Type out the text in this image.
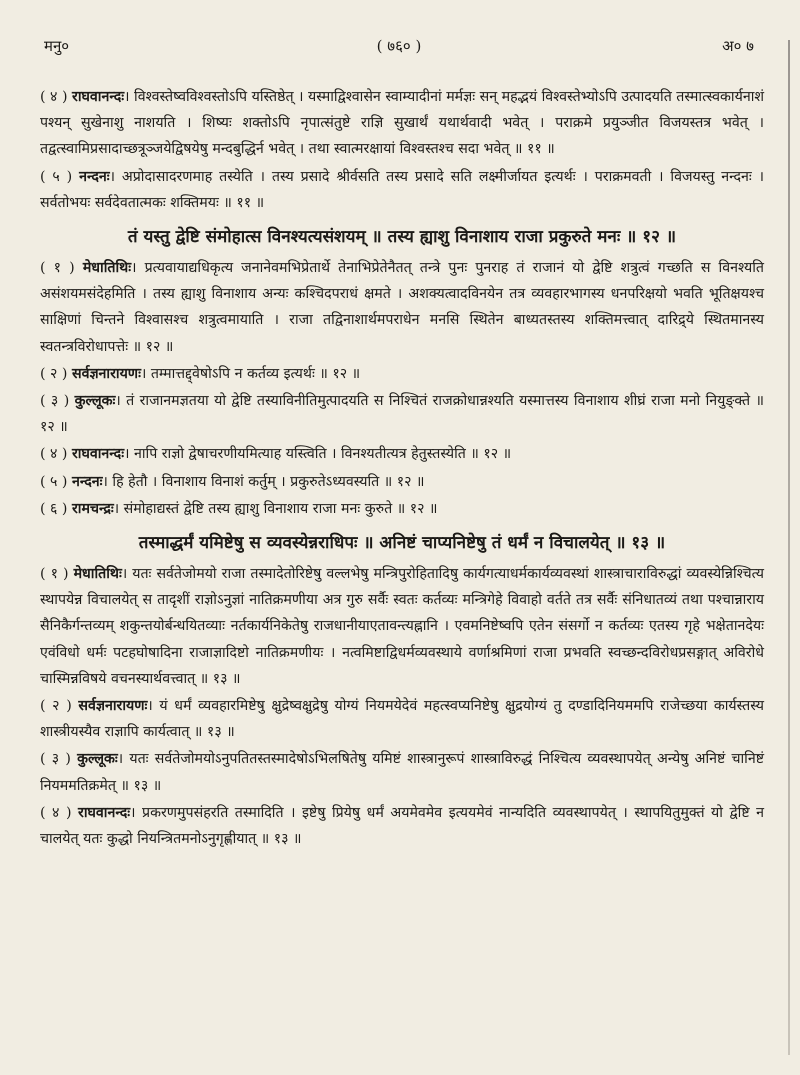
मनु०	( ७६० )	अ० ७

( ४ ) राघवानन्दः। विश्वस्तेष्वविश्वस्तोऽपि यस्तिष्ठेत् । यस्माद्विश्वासेन स्वाम्यादीनां मर्मज्ञः सन् महद्भयं विश्वस्तेभ्योऽपि उत्पादयति तस्मात्स्वकार्यनाशं पश्यन् सुखेनाशु नाशयति । शिष्यः शक्तोऽपि नृपात्संतुष्टे राज्ञि सुखार्थं यथार्थवादी भवेत् । पराक्रमे प्रयुञ्जीत विजयस्तत्र भवेत् । तद्वत्स्वामिप्रसादाच्छत्रूञ्जयेद्विषयेषु मन्दबुद्धिर्न भवेत् । तथा स्वात्मरक्षायां विश्वस्तश्च सदा भवेत् ॥ ११ ॥

( ५ ) नन्दनः। अप्रोदासादरणमाह तस्येति । तस्य प्रसादे श्रीर्वसति तस्य प्रसादे सति लक्ष्मीर्जायत इत्यर्थः । पराक्रमवती । विजयस्तु नन्दनः । सर्वतोभयः सर्वदेवतात्मकः शक्तिमयः ॥ ११ ॥

तं यस्तु द्वेष्टि संमोहात्स विनश्यत्यसंशयम् ॥ तस्य ह्याशु विनाशाय राजा प्रकुरुते मनः ॥ १२ ॥

( १ ) मेधातिथिः। प्रत्यवायाद्यधिकृत्य जनानेवमभिप्रेतार्थे तेनाभिप्रेतेनैतत् तन्त्रे पुनः पुनराह तं राजानं यो द्वेष्टि शत्रुत्वं गच्छति स विनश्यति असंशयमसंदेहमिति । तस्य ह्याशु विनाशाय अन्यः कश्चिदपराधं क्षमते । अशक्यत्वादविनयेन तत्र व्यवहारभागस्य धनपरिक्षयो भवति भूतिक्षयश्च साक्षिणां चिन्तने विश्वासश्च शत्रुत्वमायाति । राजा तद्विनाशार्थमपराधेन मनसि स्थितेन बाध्यतस्तस्य शक्तिमत्त्वात् दारिद्र्ये स्थितमानस्य स्वतन्त्रविरोधापत्तेः ॥ १२ ॥

( २ ) सर्वज्ञनारायणः। तम्मात्तद्द्वेषोऽपि न कर्तव्य इत्यर्थः ॥ १२ ॥

( ३ ) कुल्लूकः। तं राजानमज्ञतया यो द्वेष्टि तस्याविनीतिमुत्पादयति स निश्चितं राजक्रोधान्नश्यति यस्मात्तस्य विनाशाय शीघ्रं राजा मनो नियुङ्क्ते ॥ १२ ॥

( ४ ) राघवानन्दः। नापि राज्ञो द्वेषाचरणीयमित्याह यस्त्विति । विनश्यतीत्यत्र हेतुस्तस्येति ॥ १२ ॥

( ५ ) नन्दनः। हि हेतौ । विनाशाय विनाशं कर्तुम् । प्रकुरुतेऽध्यवस्यति ॥ १२ ॥

( ६ ) रामचन्द्रः। संमोहाद्यस्तं द्वेष्टि तस्य ह्याशु विनाशाय राजा मनः कुरुते ॥ १२ ॥

तस्माद्धर्मं यमिष्टेषु स व्यवस्येन्नराधिपः ॥ अनिष्टं चाप्यनिष्टेषु तं धर्मं न विचालयेत् ॥ १३ ॥

( १ ) मेधातिथिः। यतः सर्वतेजोमयो राजा तस्मादेतोरिष्टेषु वल्लभेषु मन्त्रिपुरोहितादिषु कार्यगत्याधर्मकार्यव्यवस्थां शास्त्राचाराविरुद्धां व्यवस्येन्निश्चित्य स्थापयेन्न विचालयेत् स तादृशीं राज्ञोऽनुज्ञां नातिक्रमणीया अत्र गुरु सर्वैः स्वतः कर्तव्यः मन्त्रिगेहे विवाहो वर्तते तत्र सर्वैः संनिधातव्यं तथा पश्चान्नाराय सैनिकैर्गन्तव्यम् शकुन्तयोर्बन्धयितव्याः नर्तकार्यनिकेतेषु राजधानीयाएतावन्त्यह्नानि । एवमनिष्टेष्वपि एतेन संसर्गो न कर्तव्यः एतस्य गृहे भक्षेतानदेयः एवंविधो धर्मः पटहघोषादिना राजाज्ञादिष्टो नातिक्रमणीयः । नत्वमिष्टाद्विधर्मव्यवस्थाये वर्णाश्रमिणां राजा प्रभवति स्वच्छन्दविरोधप्रसङ्गात् अविरोधे चास्मिन्नविषये वचनस्यार्थवत्त्वात् ॥ १३ ॥

( २ ) सर्वज्ञनारायणः। यं धर्मं व्यवहारमिष्टेषु क्षुद्रेष्वक्षुद्रेषु योग्यं नियमयेदेवं महत्स्वप्यनिष्टेषु क्षुद्रयोग्यं तु दण्डादिनियममपि राजेच्छया कार्यस्तस्य शास्त्रीयस्यैव राज्ञापि कार्यत्वात् ॥ १३ ॥

( ३ ) कुल्लूकः। यतः सर्वतेजोमयोऽनुपतितस्तस्मादेषोऽभिलषितेषु यमिष्टं शास्त्रानुरूपं शास्त्राविरुद्धं निश्चित्य व्यवस्थापयेत् अन्येषु अनिष्टं चानिष्टं नियममतिक्रमेत् ॥ १३ ॥

( ४ ) राघवानन्दः। प्रकरणमुपसंहरति तस्मादिति । इष्टेषु प्रियेषु धर्मं अयमेवमेव इत्ययमेवं नान्यदिति व्यवस्थापयेत् । स्थापयितुमुक्तं यो द्वेष्टि न चालयेत् यतः कुद्धो नियन्त्रितमनोऽनुगृह्णीयात् ॥ १३ ॥
